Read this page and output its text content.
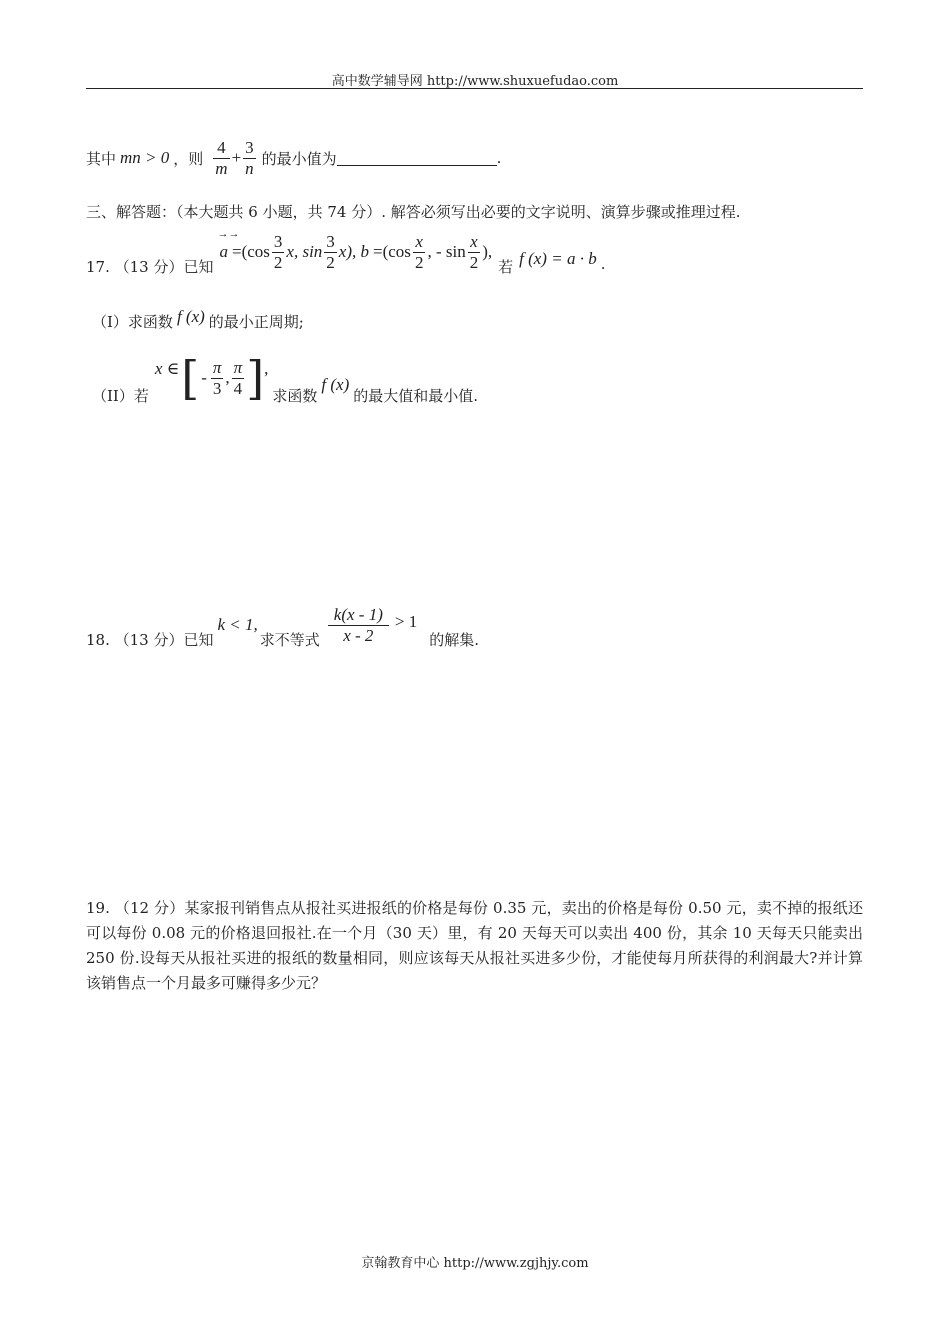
高中数学辅导网 http://www.shuxuefudao.com
其中 mn > 0 ，则 $\frac{4}{m} + \frac{3}{n}$ 的最小值为	.
三、解答题：（本大题共 6 小题，共 74 分）. 解答必须写出必要的文字说明、演算步骤或推理过程.
17. （13 分）已知
→→
$a =(\cos \frac{3}{2} x$, $\sin \frac{3}{2} x$), $b =(\cos \frac{x}{2}$ , - $\sin \frac{x}{2}$ ),
若 f (x) = a · b .
（I）求函数 f (x) 的最小正周期;
（II）若
x ∈ [ - $\frac{\pi}{3}$ , $\frac{\pi}{4}$ ] ,
求函数
f (x)
的最大值和最小值.
18. （13 分）已知
k < 1,
求不等式 $\frac{k(x - 1)}{x - 2} > 1$
的解集.
19. （12 分）某家报刊销售点从报社买进报纸的价格是每份 0.35 元，卖出的价格是每份 0.50 元，卖不掉的报纸还可以每份 0.08 元的价格退回报社.在一个月（30 天）里，有 20 天每天可以卖出 400 份，其余 10 天每天只能卖出 250 份.设每天从报社买进的报纸的数量相同，则应该每天从报社买进多少份，才能使每月所获得的利润最大?并计算该销售点一个月最多可赚得多少元？
京翰教育中心 http://www.zgjhjy.com
